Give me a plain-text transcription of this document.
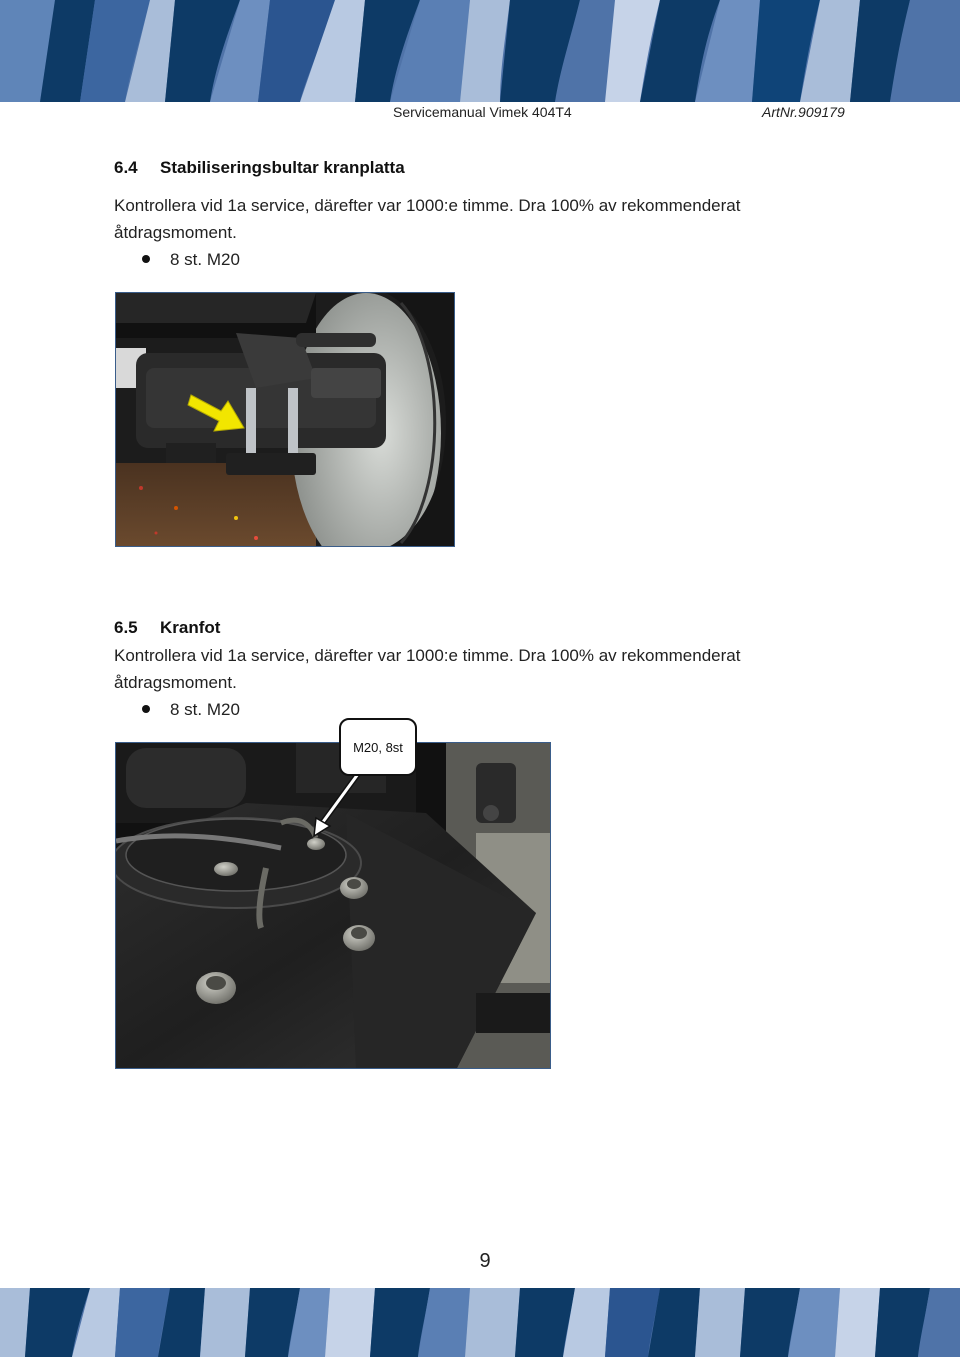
Servicemanual Vimek 404T4	ArtNr.909179
6.4 Stabiliseringsbultar kranplatta
Kontrollera vid 1a service, därefter var 1000:e timme. Dra 100% av rekommenderat
åtdragsmoment.
8 st. M20
6.5 Kranfot
Kontrollera vid 1a service, därefter var 1000:e timme. Dra 100% av rekommenderat
åtdragsmoment.
8 st. M20
M20, 8st
9
